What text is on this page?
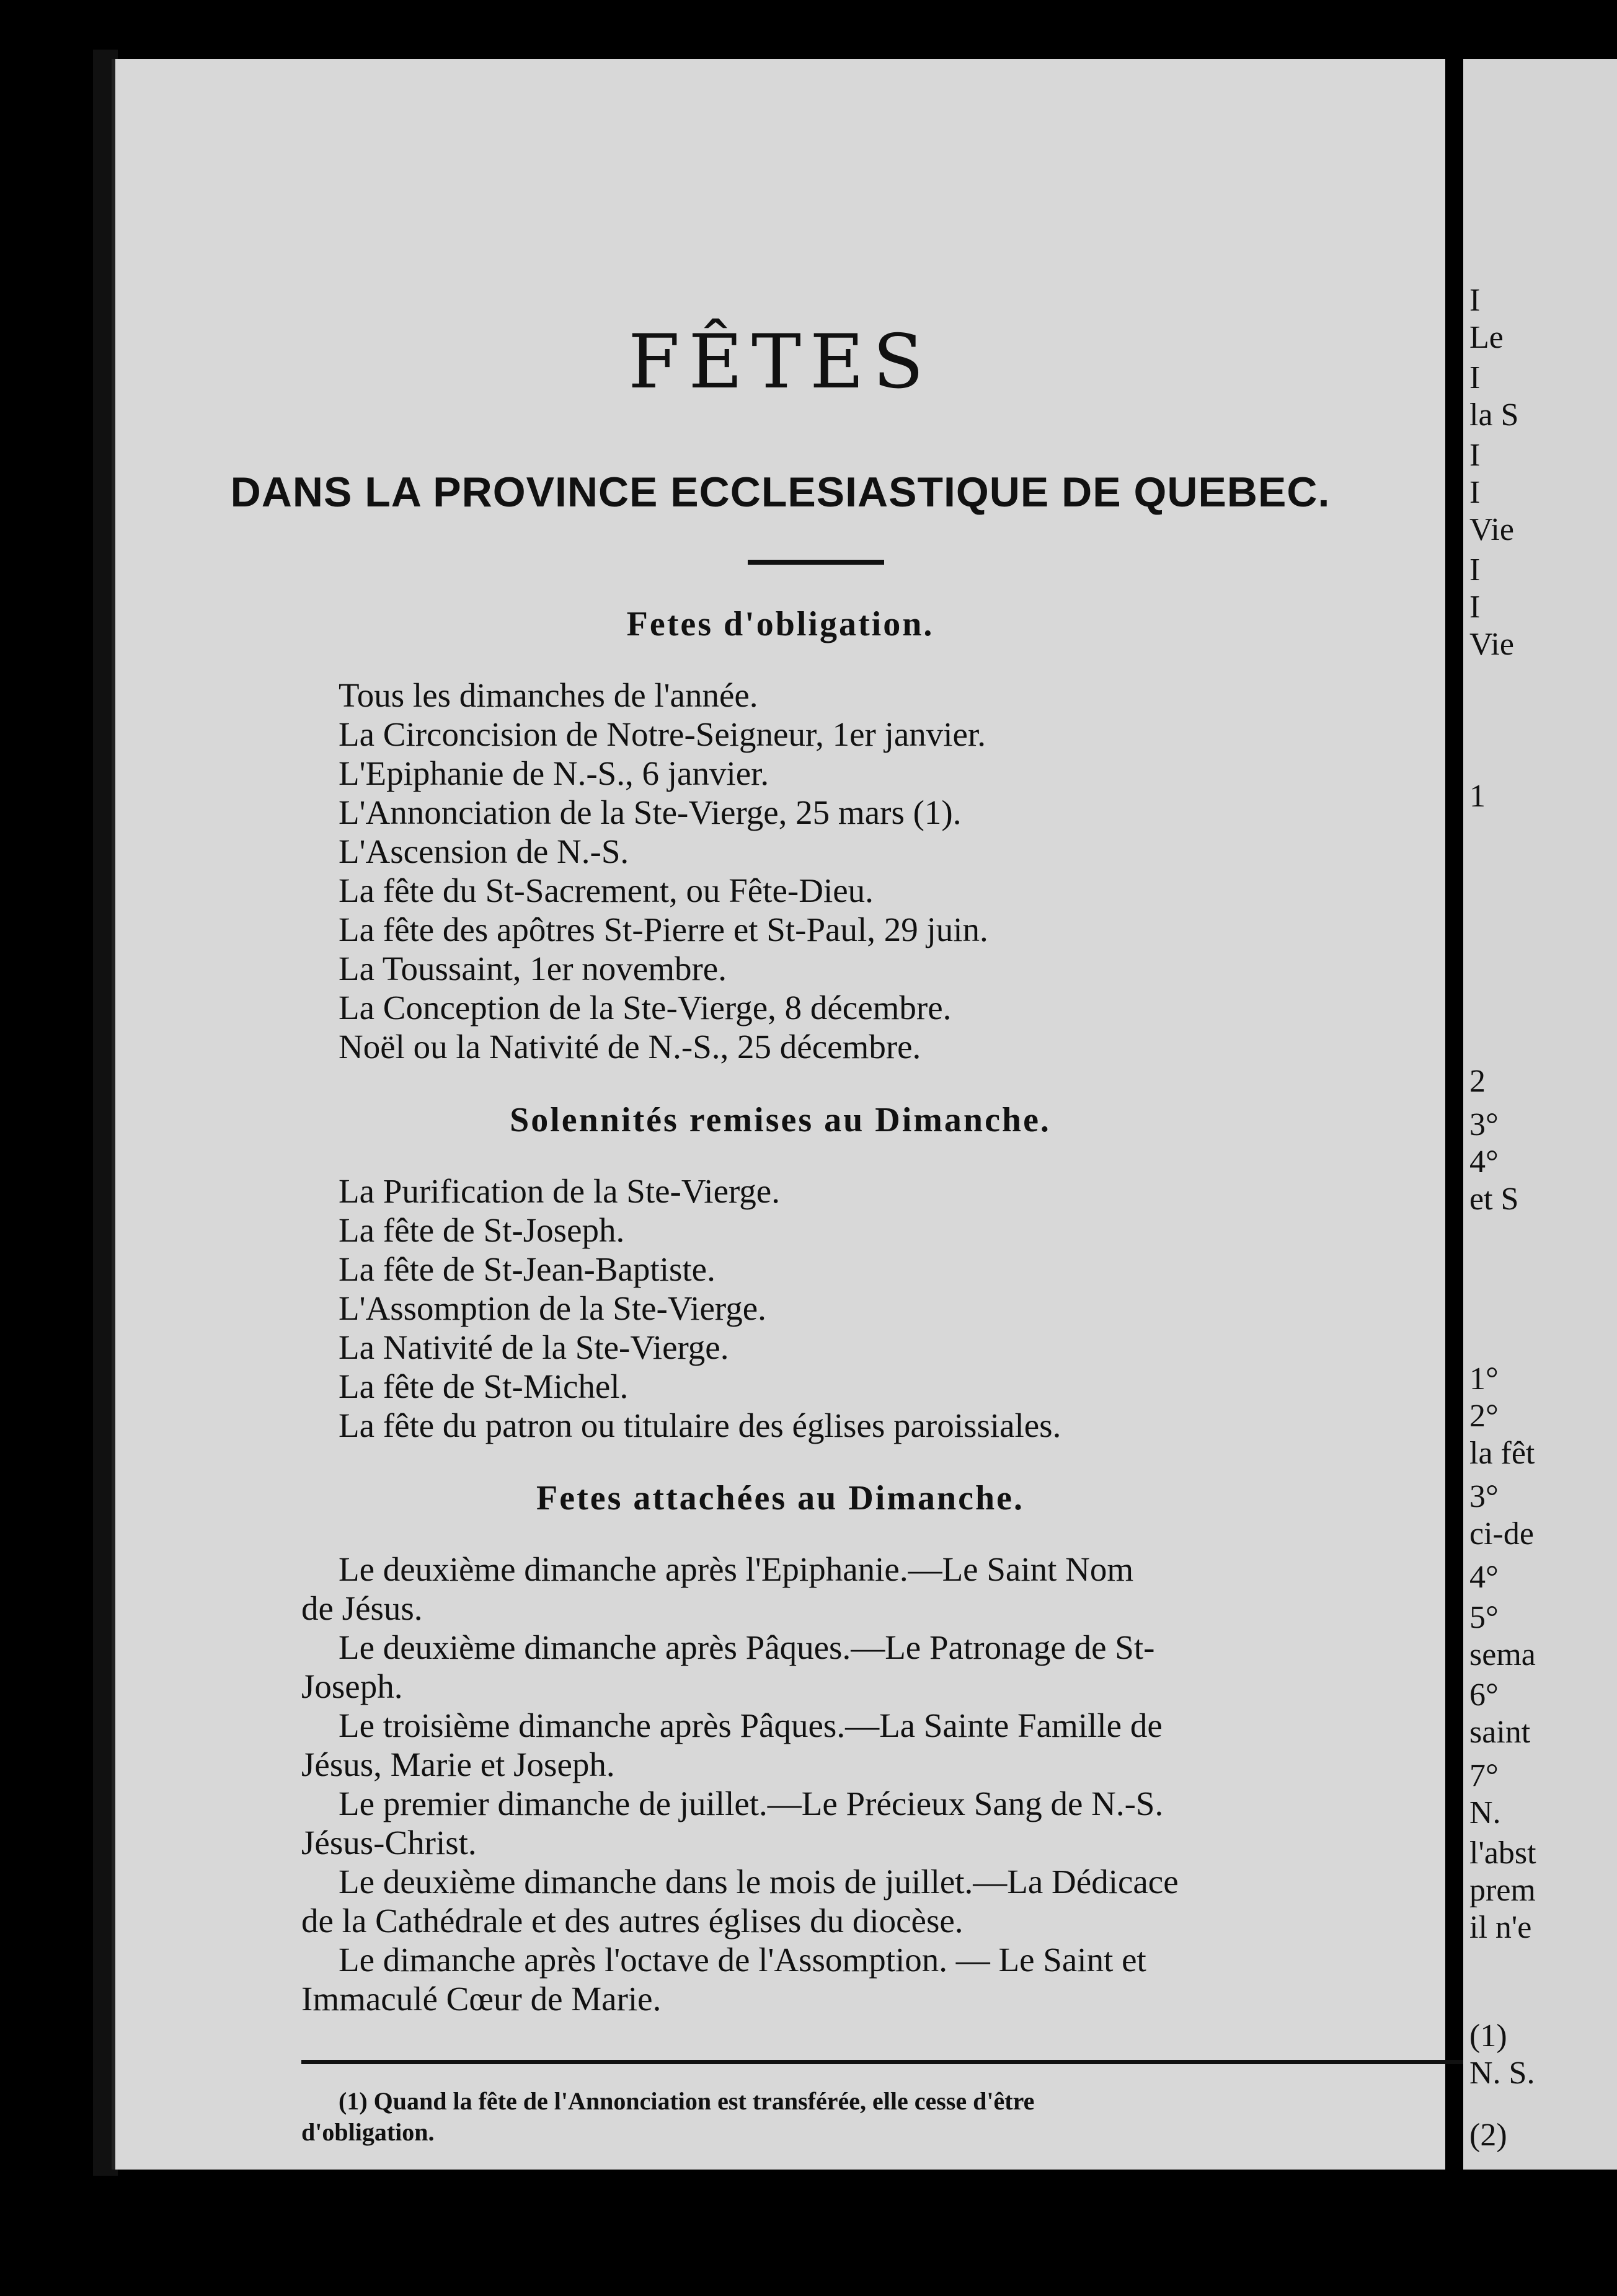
FÊTES
DANS LA PROVINCE ECCLESIASTIQUE DE QUEBEC.
Fetes d'obligation.
Tous les dimanches de l'année.
La Circoncision de Notre-Seigneur, 1er janvier.
L'Epiphanie de N.-S., 6 janvier.
L'Annonciation de la Ste-Vierge, 25 mars (1).
L'Ascension de N.-S.
La fête du St-Sacrement, ou Fête-Dieu.
La fête des apôtres St-Pierre et St-Paul, 29 juin.
La Toussaint, 1er novembre.
La Conception de la Ste-Vierge, 8 décembre.
Noël ou la Nativité de N.-S., 25 décembre.
Solennités remises au Dimanche.
La Purification de la Ste-Vierge.
La fête de St-Joseph.
La fête de St-Jean-Baptiste.
L'Assomption de la Ste-Vierge.
La Nativité de la Ste-Vierge.
La fête de St-Michel.
La fête du patron ou titulaire des églises paroissiales.
Fetes attachées au Dimanche.

Le deuxième dimanche après l'Epiphanie.—Le Saint Nom
de Jésus.

Le deuxième dimanche après Pâques.—Le Patronage de St-
Joseph.

Le troisième dimanche après Pâques.—La Sainte Famille de
Jésus, Marie et Joseph.

Le premier dimanche de juillet.—Le Précieux Sang de N.-S.
Jésus-Christ.

Le deuxième dimanche dans le mois de juillet.—La Dédicace
de la Cathédrale et des autres églises du diocèse.

Le dimanche après l'octave de l'Assomption. — Le Saint et
Immaculé Cœur de Marie.

(1) Quand la fête de l'Annonciation est transférée, elle cesse d'être
d'obligation.
I
Le
I
la S
I
I
Vie
I
I
Vie
1
2
3°
4°
et S
1°
2°
la fêt
3°
ci-de
4°
5°
sema
6°
saint
7°
N.
l'abst
prem
il n'e
(1)
N. S.
(2)
